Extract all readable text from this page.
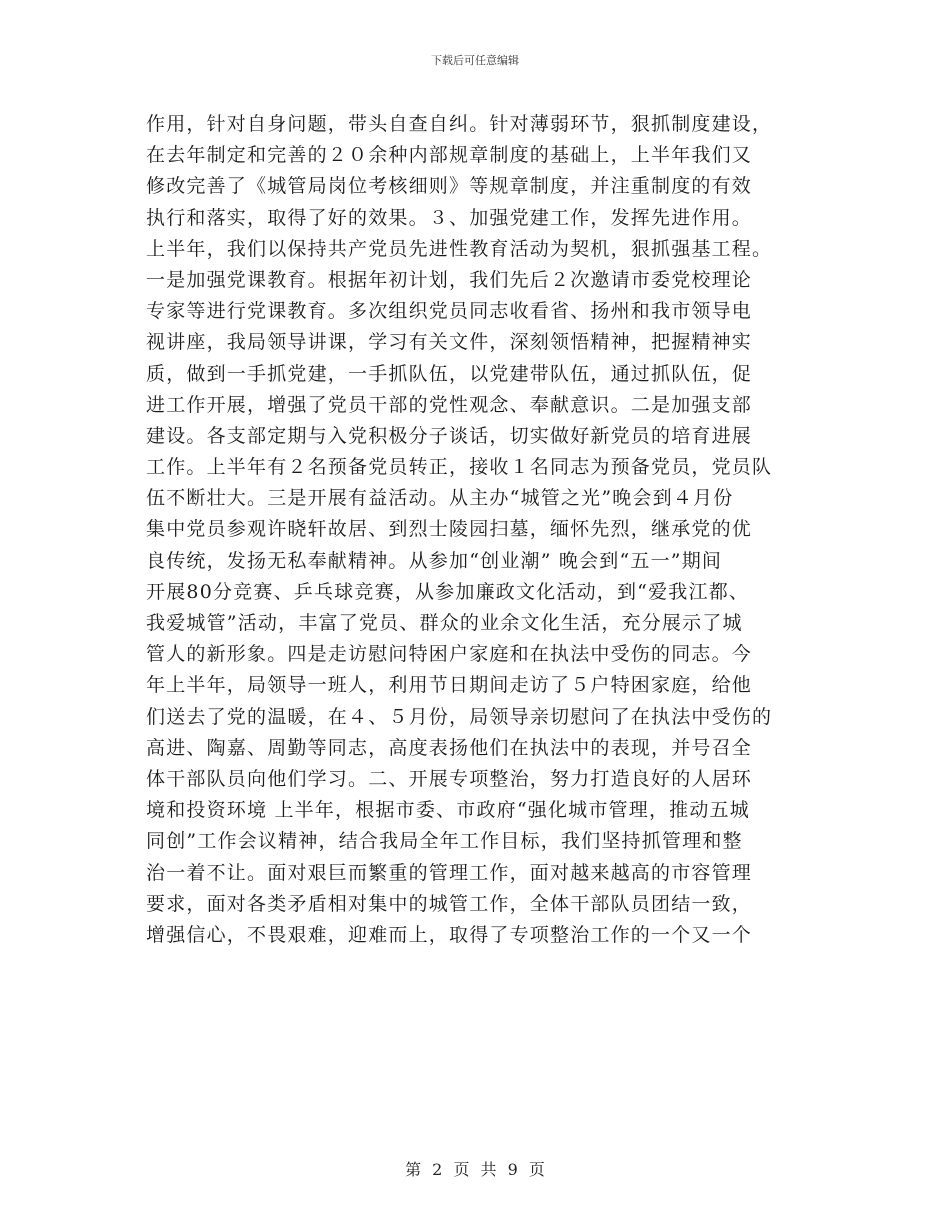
下载后可任意编辑
作用，针对自身问题，带头自查自纠。针对薄弱环节，狠抓制度建设，
在去年制定和完善的２０余种内部规章制度的基础上，上半年我们又
修改完善了《城管局岗位考核细则》等规章制度，并注重制度的有效
执行和落实，取得了好的效果。３、加强党建工作，发挥先进作用。
上半年，我们以保持共产党员先进性教育活动为契机，狠抓强基工程。
一是加强党课教育。根据年初计划，我们先后２次邀请市委党校理论
专家等进行党课教育。多次组织党员同志收看省、扬州和我市领导电
视讲座，我局领导讲课，学习有关文件，深刻领悟精神，把握精神实
质，做到一手抓党建，一手抓队伍，以党建带队伍，通过抓队伍，促
进工作开展，增强了党员干部的党性观念、奉献意识。二是加强支部
建设。各支部定期与入党积极分子谈话，切实做好新党员的培育进展
工作。上半年有２名预备党员转正，接收１名同志为预备党员，党员队
伍不断壮大。三是开展有益活动。从主办“城管之光”晚会到４月份
集中党员参观许晓轩故居、到烈士陵园扫墓，缅怀先烈，继承党的优
良传统，发扬无私奉献精神。从参加“创业潮” 晚会到“五一”期间
开展80分竞赛、乒乓球竞赛，从参加廉政文化活动，到“爱我江都、
我爱城管”活动，丰富了党员、群众的业余文化生活，充分展示了城
管人的新形象。四是走访慰问特困户家庭和在执法中受伤的同志。今
年上半年，局领导一班人，利用节日期间走访了５户特困家庭，给他
们送去了党的温暖，在４、５月份，局领导亲切慰问了在执法中受伤的
高进、陶嘉、周勤等同志，高度表扬他们在执法中的表现，并号召全
体干部队员向他们学习。二、开展专项整治，努力打造良好的人居环
境和投资环境 上半年，根据市委、市政府“强化城市管理，推动五城
同创”工作会议精神，结合我局全年工作目标，我们坚持抓管理和整
治一着不让。面对艰巨而繁重的管理工作，面对越来越高的市容管理
要求，面对各类矛盾相对集中的城管工作，全体干部队员团结一致，
增强信心，不畏艰难，迎难而上，取得了专项整治工作的一个又一个
第 2 页 共 9 页
